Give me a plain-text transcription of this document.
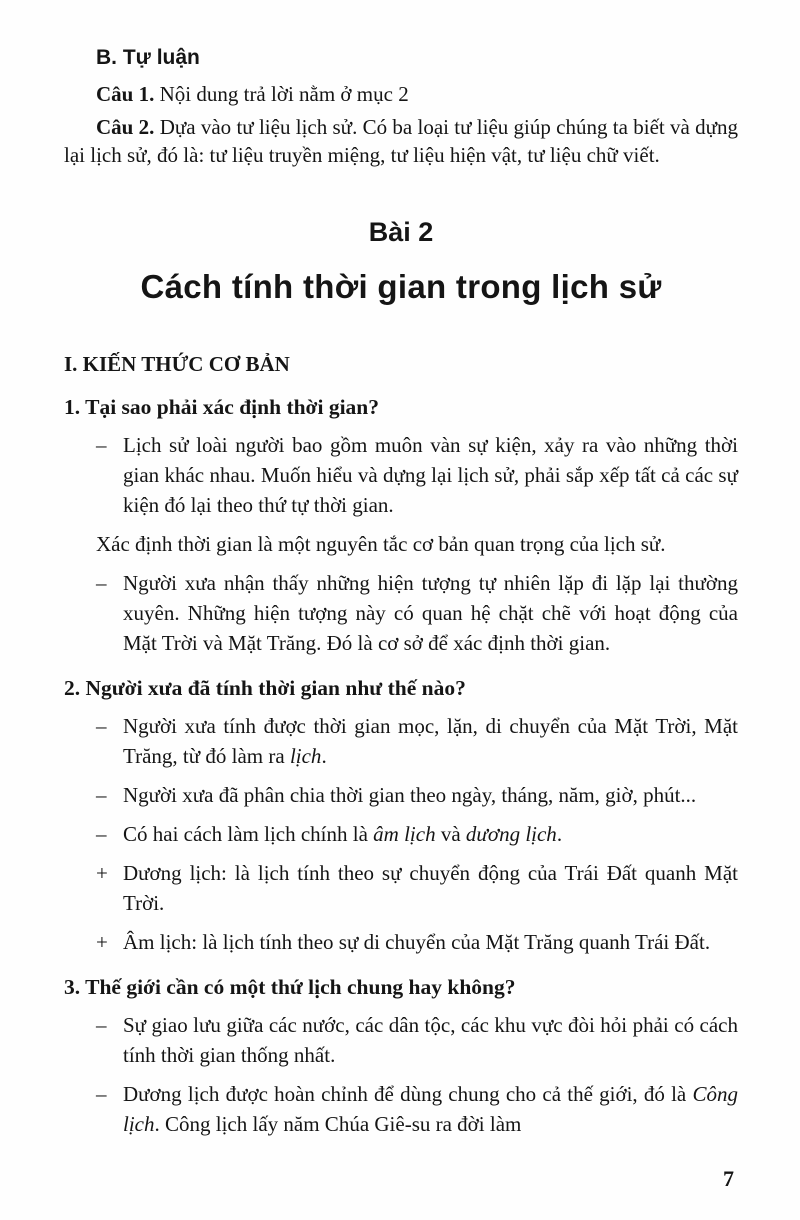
B. Tự luận

Câu 1. Nội dung trả lời nằm ở mục 2

Câu 2. Dựa vào tư liệu lịch sử. Có ba loại tư liệu giúp chúng ta biết và dựng lại lịch sử, đó là: tư liệu truyền miệng, tư liệu hiện vật, tư liệu chữ viết.

Bài 2
Cách tính thời gian trong lịch sử
I. KIẾN THỨC CƠ BẢN
1. Tại sao phải xác định thời gian?
– Lịch sử loài người bao gồm muôn vàn sự kiện, xảy ra vào những thời gian khác nhau. Muốn hiểu và dựng lại lịch sử, phải sắp xếp tất cả các sự kiện đó lại theo thứ tự thời gian.

Xác định thời gian là một nguyên tắc cơ bản quan trọng của lịch sử.

– Người xưa nhận thấy những hiện tượng tự nhiên lặp đi lặp lại thường xuyên. Những hiện tượng này có quan hệ chặt chẽ với hoạt động của Mặt Trời và Mặt Trăng. Đó là cơ sở để xác định thời gian.

2. Người xưa đã tính thời gian như thế nào?
– Người xưa tính được thời gian mọc, lặn, di chuyển của Mặt Trời, Mặt Trăng, từ đó làm ra lịch.

– Người xưa đã phân chia thời gian theo ngày, tháng, năm, giờ, phút...

– Có hai cách làm lịch chính là âm lịch và dương lịch.

+ Dương lịch: là lịch tính theo sự chuyển động của Trái Đất quanh Mặt Trời.

+ Âm lịch: là lịch tính theo sự di chuyển của Mặt Trăng quanh Trái Đất.

3. Thế giới cần có một thứ lịch chung hay không?
– Sự giao lưu giữa các nước, các dân tộc, các khu vực đòi hỏi phải có cách tính thời gian thống nhất.

– Dương lịch được hoàn chỉnh để dùng chung cho cả thế giới, đó là Công lịch. Công lịch lấy năm Chúa Giê-su ra đời làm

7
